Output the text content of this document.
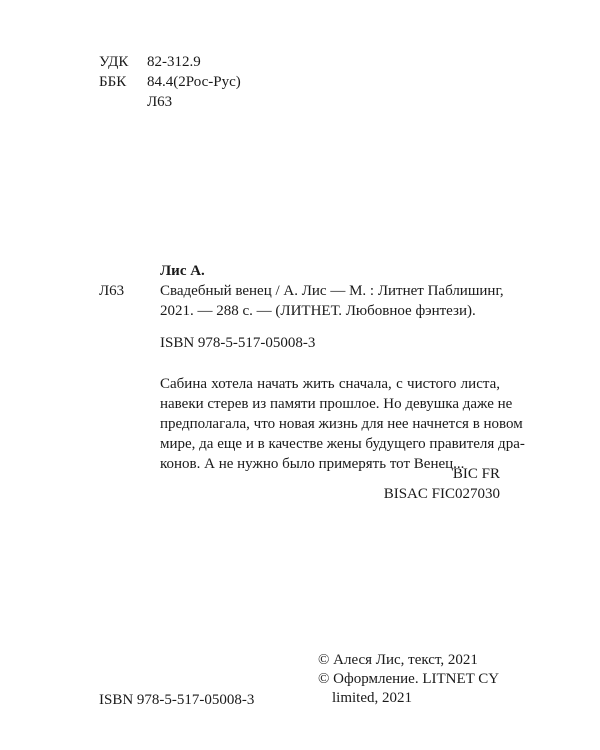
УДК	82-312.9
ББК	84.4(2Рос-Рус)
Л63
Лис А.
Л63 Свадебный венец / А. Лис — М. : Литнет Паблишинг,
2021. — 288 с. — (ЛИТНЕТ. Любовное фэнтези).
ISBN 978-5-517-05008-3
Сабина хотела начать жить сначала, с чистого листа,
навеки стерев из памяти прошлое. Но девушка даже не
предполагала, что новая жизнь для нее начнется в новом
мире, да еще и в качестве жены будущего правителя дра-
конов. А не нужно было примерять тот Венец...
BIC FR
BISAC FIC027030
© Алеся Лис, текст, 2021
© Оформление. LITNET CY
limited, 2021
ISBN 978-5-517-05008-3
